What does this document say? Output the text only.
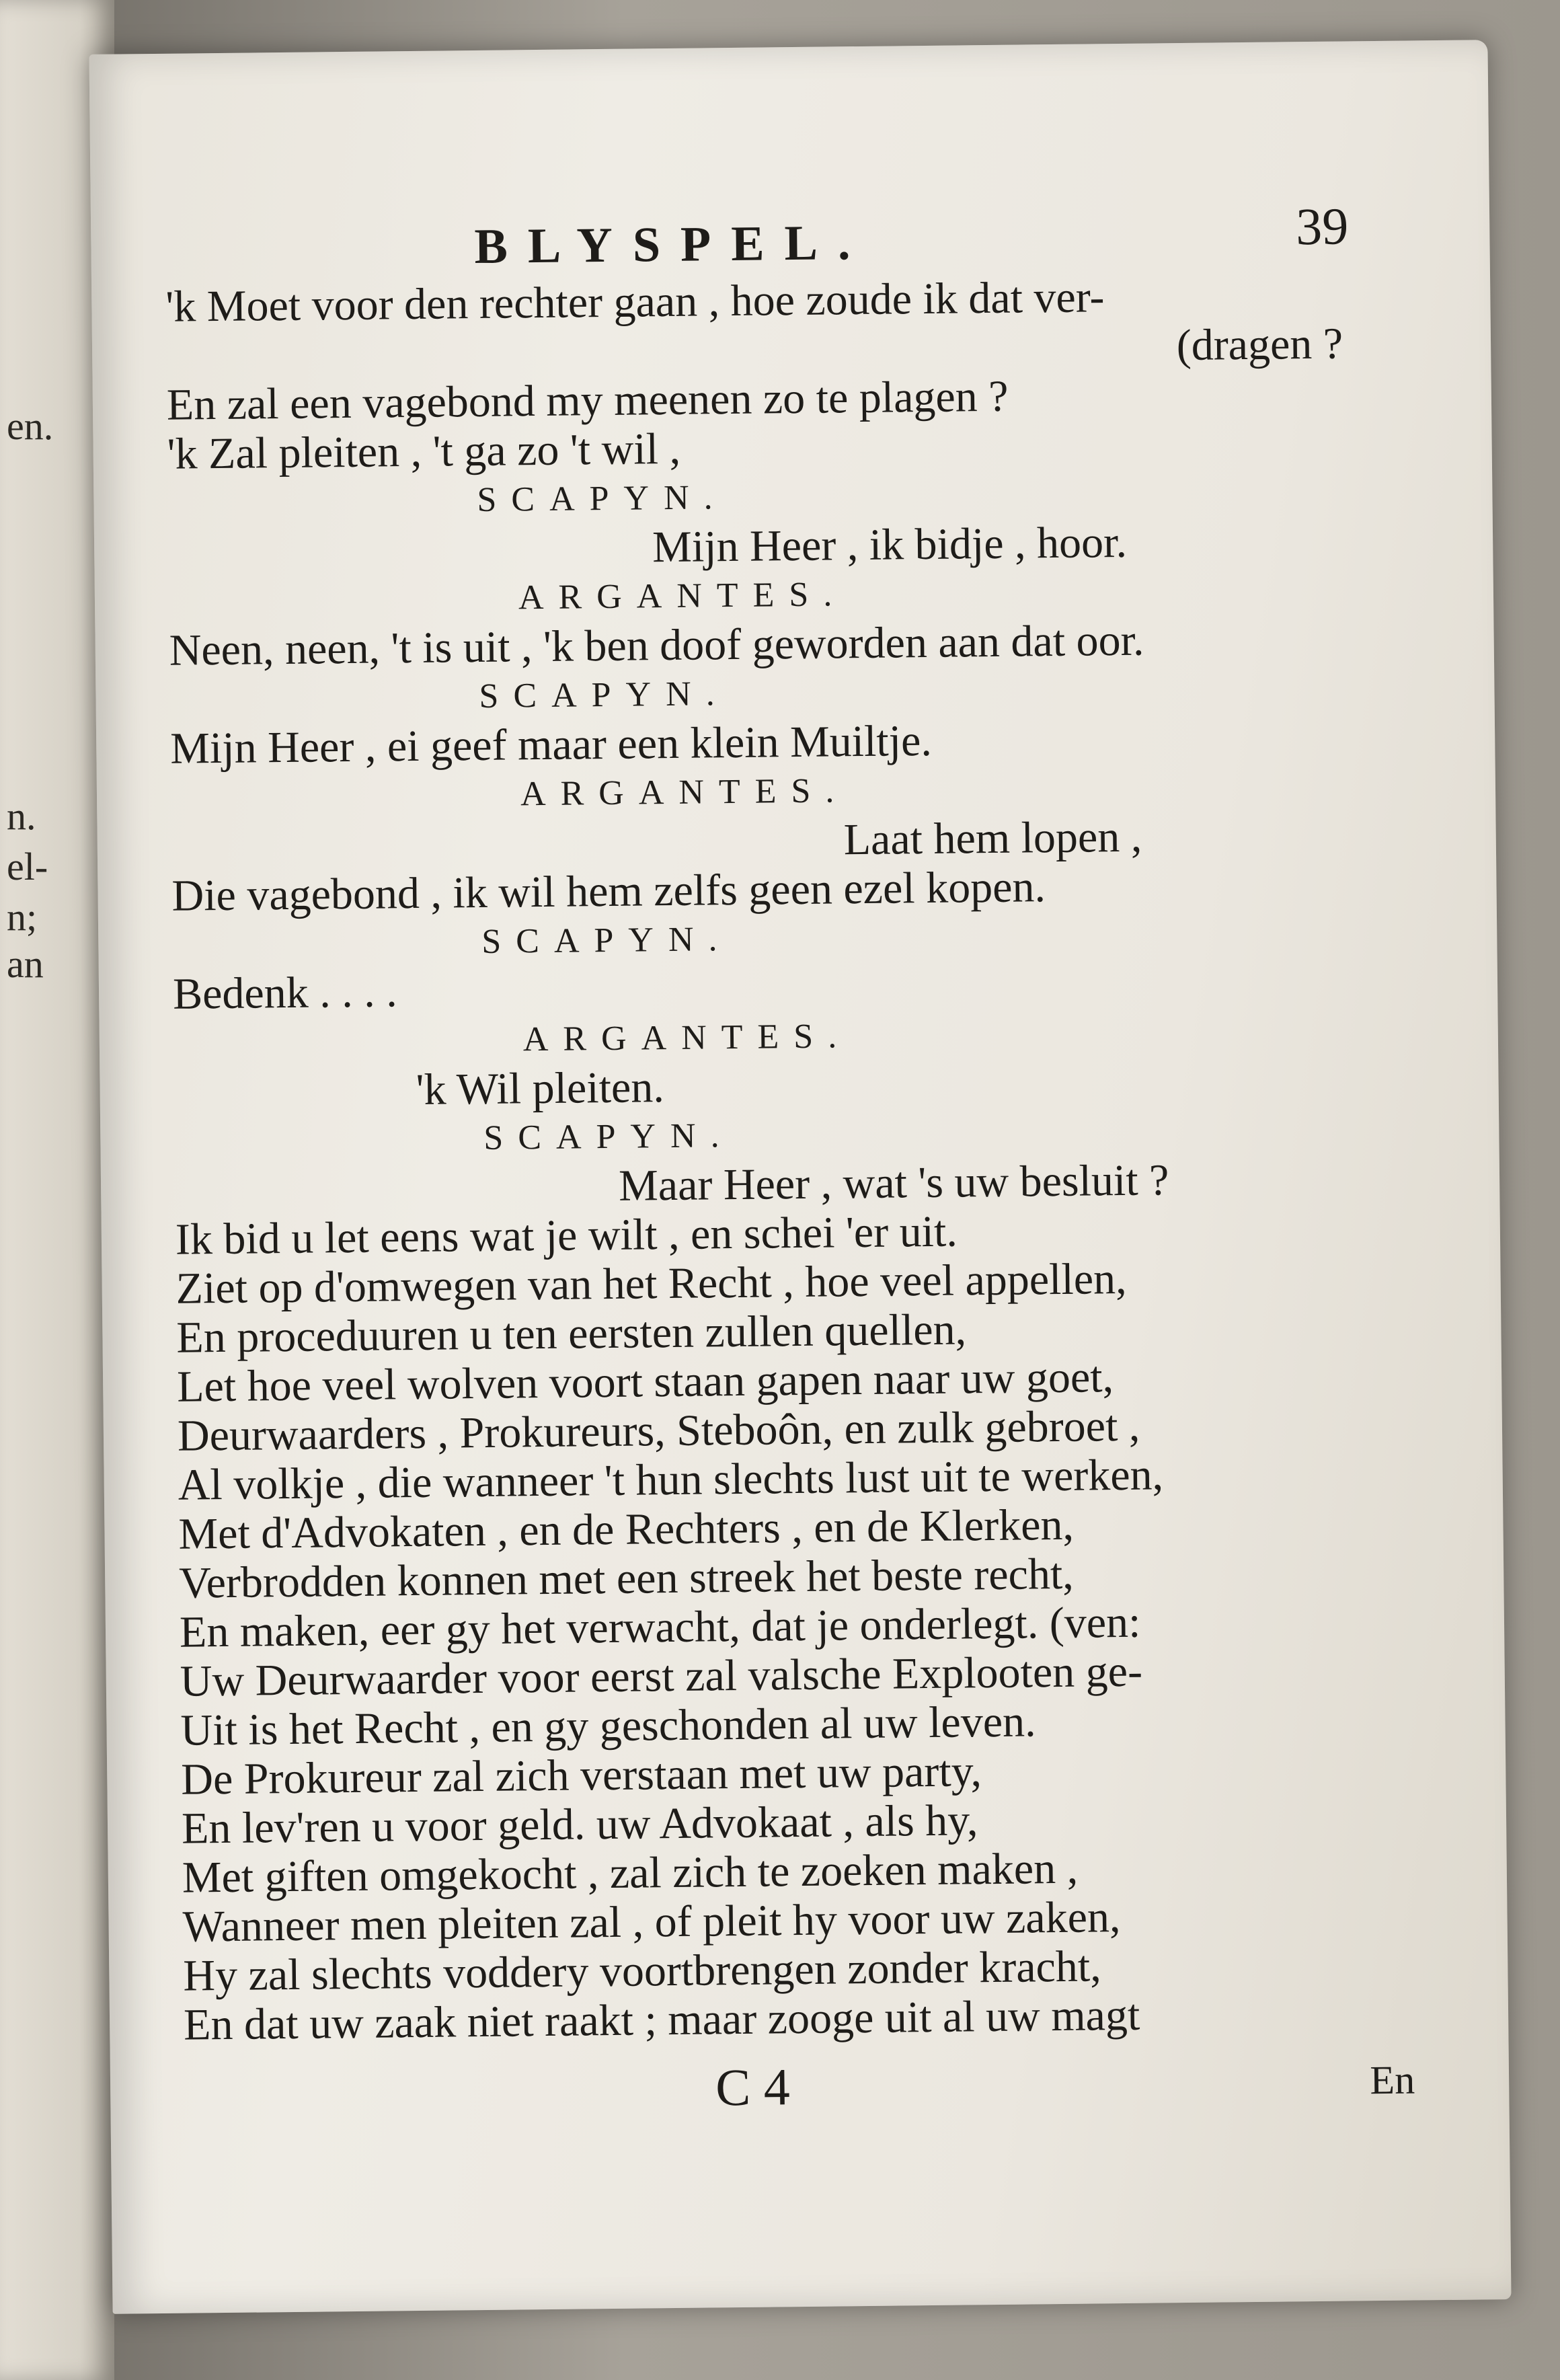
en.
n.
el-
n;
an
BLYSPEL.	39
'k Moet voor den rechter gaan , hoe zoude ik dat ver-
(dragen ?
En zal een vagebond my meenen zo te plagen ?
'k Zal pleiten , 't ga zo 't wil ,
SCAPYN.
Mijn Heer , ik bidje , hoor.
ARGANTES.
Neen, neen, 't is uit , 'k ben doof geworden aan dat oor.
SCAPYN.
Mijn Heer , ei geef maar een klein Muiltje.
ARGANTES.
Laat hem lopen ,
Die vagebond , ik wil hem zelfs geen ezel kopen.
SCAPYN.
Bedenk . . . .
ARGANTES.
'k Wil pleiten.
SCAPYN.
Maar Heer , wat 's uw besluit ?
Ik bid u let eens wat je wilt , en schei 'er uit.
Ziet op d'omwegen van het Recht , hoe veel appellen,
En proceduuren u ten eersten zullen quellen,
Let hoe veel wolven voort staan gapen naar uw goet,
Deurwaarders , Prokureurs, Steboôn, en zulk gebroet ,
Al volkje , die wanneer 't hun slechts lust uit te werken,
Met d'Advokaten , en de Rechters , en de Klerken,
Verbrodden konnen met een streek het beste recht,
En maken, eer gy het verwacht, dat je onderlegt. (ven:
Uw Deurwaarder voor eerst zal valsche Explooten ge-
Uit is het Recht , en gy geschonden al uw leven.
De Prokureur zal zich verstaan met uw party,
En lev'ren u voor geld. uw Advokaat , als hy,
Met giften omgekocht , zal zich te zoeken maken ,
Wanneer men pleiten zal , of pleit hy voor uw zaken,
Hy zal slechts voddery voortbrengen zonder kracht,
En dat uw zaak niet raakt ; maar zooge uit al uw magt
C 4	En
